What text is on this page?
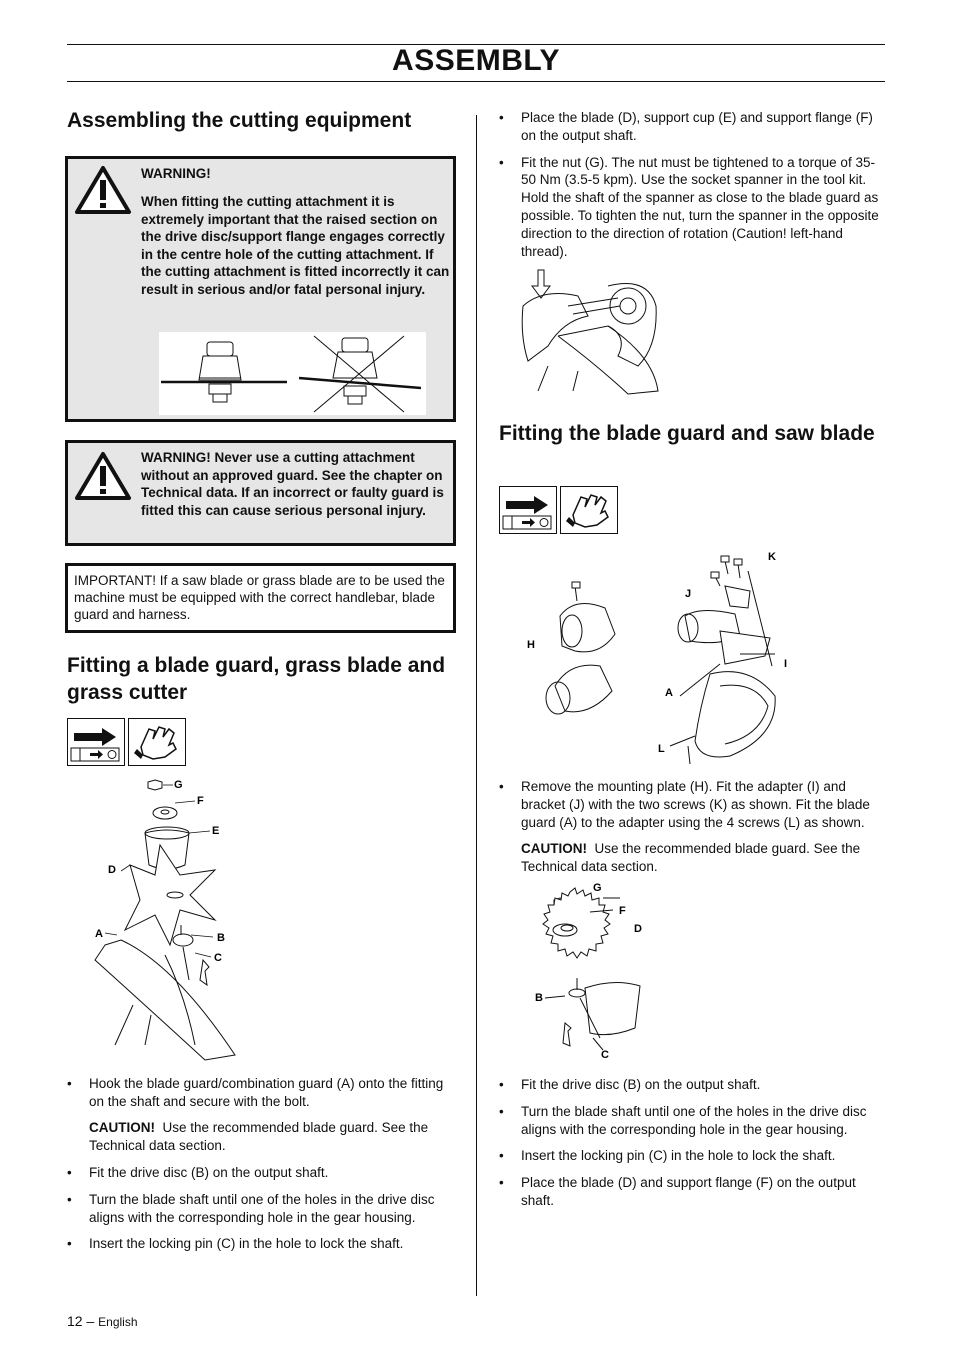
ASSEMBLY
Assembling the cutting equipment
WARNING!
When fitting the cutting attachment it is extremely important that the raised section on the drive disc/support flange engages correctly in the centre hole of the cutting attachment. If the cutting attachment is fitted incorrectly it can result in serious and/or fatal personal injury.
WARNING! Never use a cutting attachment without an approved guard. See the chapter on Technical data. If an incorrect or faulty guard is fitted this can cause serious personal injury.
IMPORTANT! If a saw blade or grass blade are to be used the machine must be equipped with the correct handlebar, blade guard and harness.
Fitting a blade guard, grass blade and grass cutter
G
F
E
D
A	B
C
• Hook the blade guard/combination guard (A) onto the fitting on the shaft and secure with the bolt.

CAUTION! Use the recommended blade guard. See the Technical data section.

• Fit the drive disc (B) on the output shaft.
• Turn the blade shaft until one of the holes in the drive disc aligns with the corresponding hole in the gear housing.
• Insert the locking pin (C) in the hole to lock the shaft.
• Place the blade (D), support cup (E) and support flange (F) on the output shaft.
• Fit the nut (G). The nut must be tightened to a torque of 35-50 Nm (3.5-5 kpm). Use the socket spanner in the tool kit. Hold the shaft of the spanner as close to the blade guard as possible. To tighten the nut, turn the spanner in the opposite direction to the direction of rotation (Caution! left-hand thread).
Fitting the blade guard and saw blade
K
J
H
I
A
L
• Remove the mounting plate (H). Fit the adapter (I) and bracket (J) with the two screws (K) as shown. Fit the blade guard (A) to the adapter using the 4 screws (L) as shown.

CAUTION! Use the recommended blade guard. See the Technical data section.

G
F
D
B
C
• Fit the drive disc (B) on the output shaft.
• Turn the blade shaft until one of the holes in the drive disc aligns with the corresponding hole in the gear housing.
• Insert the locking pin (C) in the hole to lock the shaft.
• Place the blade (D) and support flange (F) on the output shaft.
12 – English
